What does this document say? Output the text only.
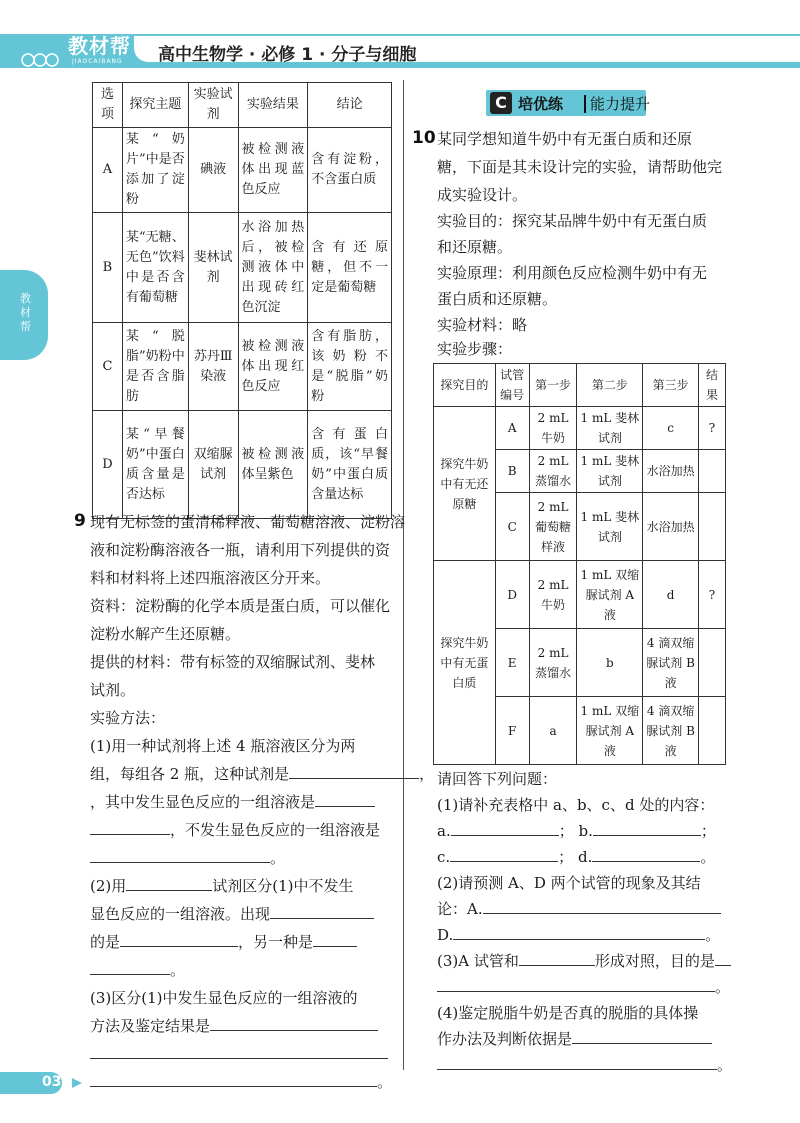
教材帮
JIAOCAIBANG 高中生物学 · 必修 1 · 分子与细胞
教材帮
选项	探究主题	实验试剂	实验结果	结论
A	某“奶片”中是否添加了淀粉	碘液	被检测液体出现蓝色反应	含有淀粉，不含蛋白质
B	某“无糖、无色”饮料中是否含有葡萄糖	斐林试剂	水浴加热后，被检测液体中出现砖红色沉淀	含有还原糖，但不一定是葡萄糖
C	某“脱脂”奶粉中是否含脂肪	苏丹Ⅲ染液	被检测液体出现红色反应	含有脂肪，该奶粉不是“脱脂”奶粉
D	某“早餐奶”中蛋白质含量是否达标	双缩脲试剂	被检测液体呈紫色	含有蛋白质，该“早餐奶”中蛋白质含量达标
9 现有无标签的蛋清稀释液、葡萄糖溶液、淀粉溶
液和淀粉酶溶液各一瓶，请利用下列提供的资
料和材料将上述四瓶溶液区分开来。
资料：淀粉酶的化学本质是蛋白质，可以催化
淀粉水解产生还原糖。
提供的材料：带有标签的双缩脲试剂、斐林
试剂。
实验方法：
(1)用一种试剂将上述 4 瓶溶液区分为两
组，每组各 2 瓶，这种试剂是	，
，其中发生显色反应的一组溶液是
，不发生显色反应的一组溶液是
。
(2)用	试剂区分(1)中不发生
显色反应的一组溶液。出现
的是	，另一种是
。
(3)区分(1)中发生显色反应的一组溶液的
方法及鉴定结果是
。
C 培优练 能力提升
10 某同学想知道牛奶中有无蛋白质和还原
糖，下面是其未设计完的实验，请帮助他完
成实验设计。
实验目的：探究某品牌牛奶中有无蛋白质
和还原糖。
实验原理：利用颜色反应检测牛奶中有无
蛋白质和还原糖。
实验材料：略
实验步骤：
探究目的	试管编号	第一步	第二步	第三步	结果
探究牛奶中有无还原糖	A	2 mL 牛奶	1 mL 斐林试剂	c	?
	B	2 mL 蒸馏水	1 mL 斐林试剂	水浴加热	
	C	2 mL 葡萄糖样液	1 mL 斐林试剂	水浴加热	
探究牛奶中有无蛋白质	D	2 mL 牛奶	1 mL 双缩脲试剂 A 液	d	?
	E	2 mL 蒸馏水	b	4 滴双缩脲试剂 B 液	
	F	a	1 mL 双缩脲试剂 A 液	4 滴双缩脲试剂 B 液	
请回答下列问题：
(1)请补充表格中 a、b、c、d 处的内容：
a.	； b.	；
c.	； d.	。
(2)请预测 A、D 两个试管的现象及其结
论：A.
D.	。
(3)A 试管和	形成对照，目的是
。
(4)鉴定脱脂牛奶是否真的脱脂的具体操
作办法及判断依据是
。
034
